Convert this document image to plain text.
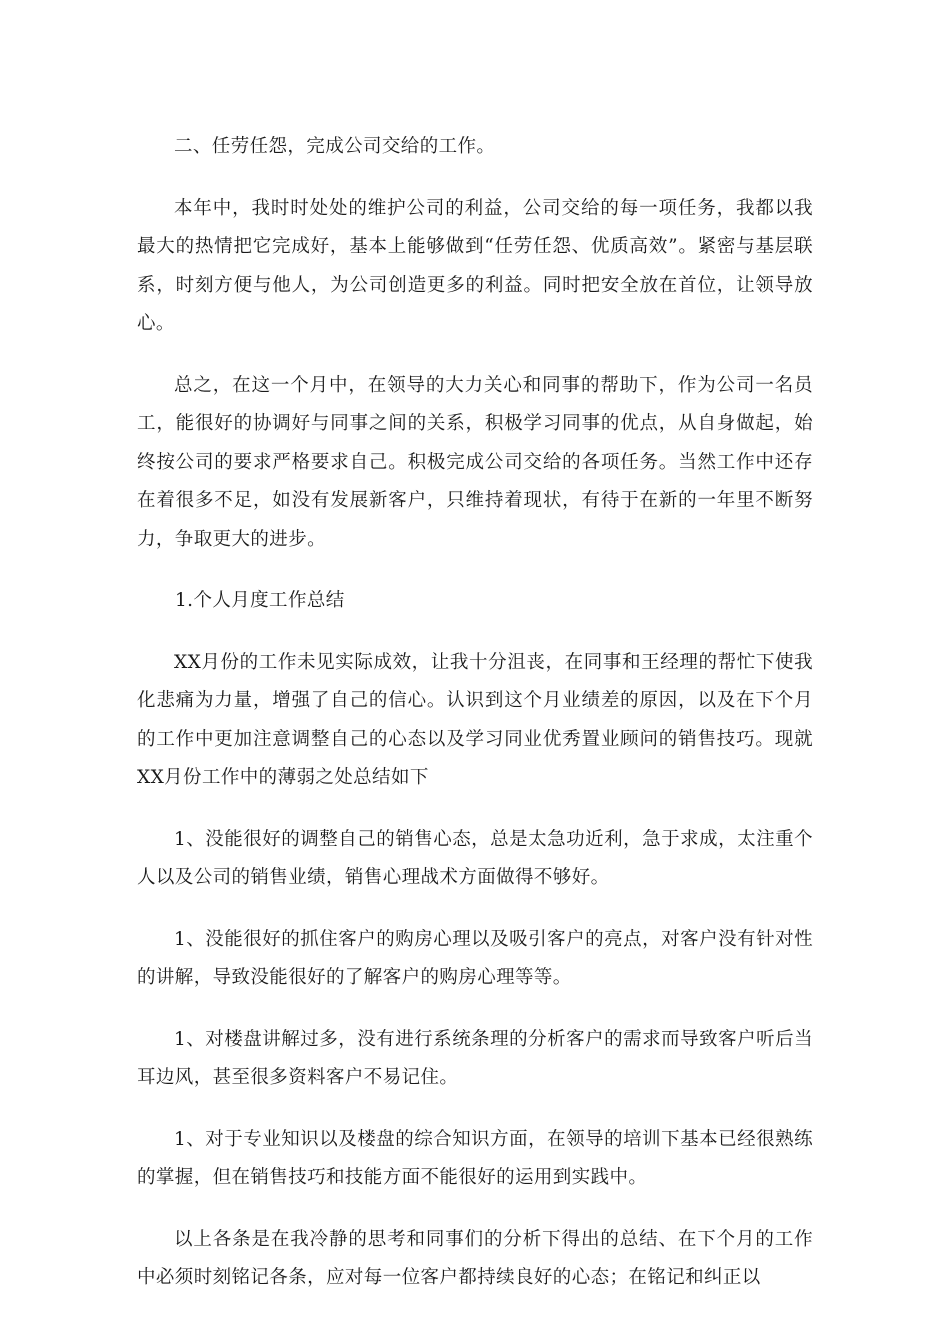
二、任劳任怨，完成公司交给的工作。

本年中，我时时处处的维护公司的利益，公司交给的每一项任务，我都以我最大的热情把它完成好，基本上能够做到“任劳任怨、优质高效”。紧密与基层联系，时刻方便与他人，为公司创造更多的利益。同时把安全放在首位，让领导放心。

总之，在这一个月中，在领导的大力关心和同事的帮助下，作为公司一名员工，能很好的协调好与同事之间的关系，积极学习同事的优点，从自身做起，始终按公司的要求严格要求自己。积极完成公司交给的各项任务。当然工作中还存在着很多不足，如没有发展新客户，只维持着现状，有待于在新的一年里不断努力，争取更大的进步。

1.个人月度工作总结

XX月份的工作未见实际成效，让我十分沮丧，在同事和王经理的帮忙下使我化悲痛为力量，增强了自己的信心。认识到这个月业绩差的原因，以及在下个月的工作中更加注意调整自己的心态以及学习同业优秀置业顾问的销售技巧。现就XX月份工作中的薄弱之处总结如下

1、没能很好的调整自己的销售心态，总是太急功近利，急于求成，太注重个人以及公司的销售业绩，销售心理战术方面做得不够好。

1、没能很好的抓住客户的购房心理以及吸引客户的亮点，对客户没有针对性的讲解，导致没能很好的了解客户的购房心理等等。

1、对楼盘讲解过多，没有进行系统条理的分析客户的需求而导致客户听后当耳边风，甚至很多资料客户不易记住。

1、对于专业知识以及楼盘的综合知识方面，在领导的培训下基本已经很熟练的掌握，但在销售技巧和技能方面不能很好的运用到实践中。

以上各条是在我冷静的思考和同事们的分析下得出的总结、在下个月的工作中必须时刻铭记各条，应对每一位客户都持续良好的心态；在铭记和纠正以
